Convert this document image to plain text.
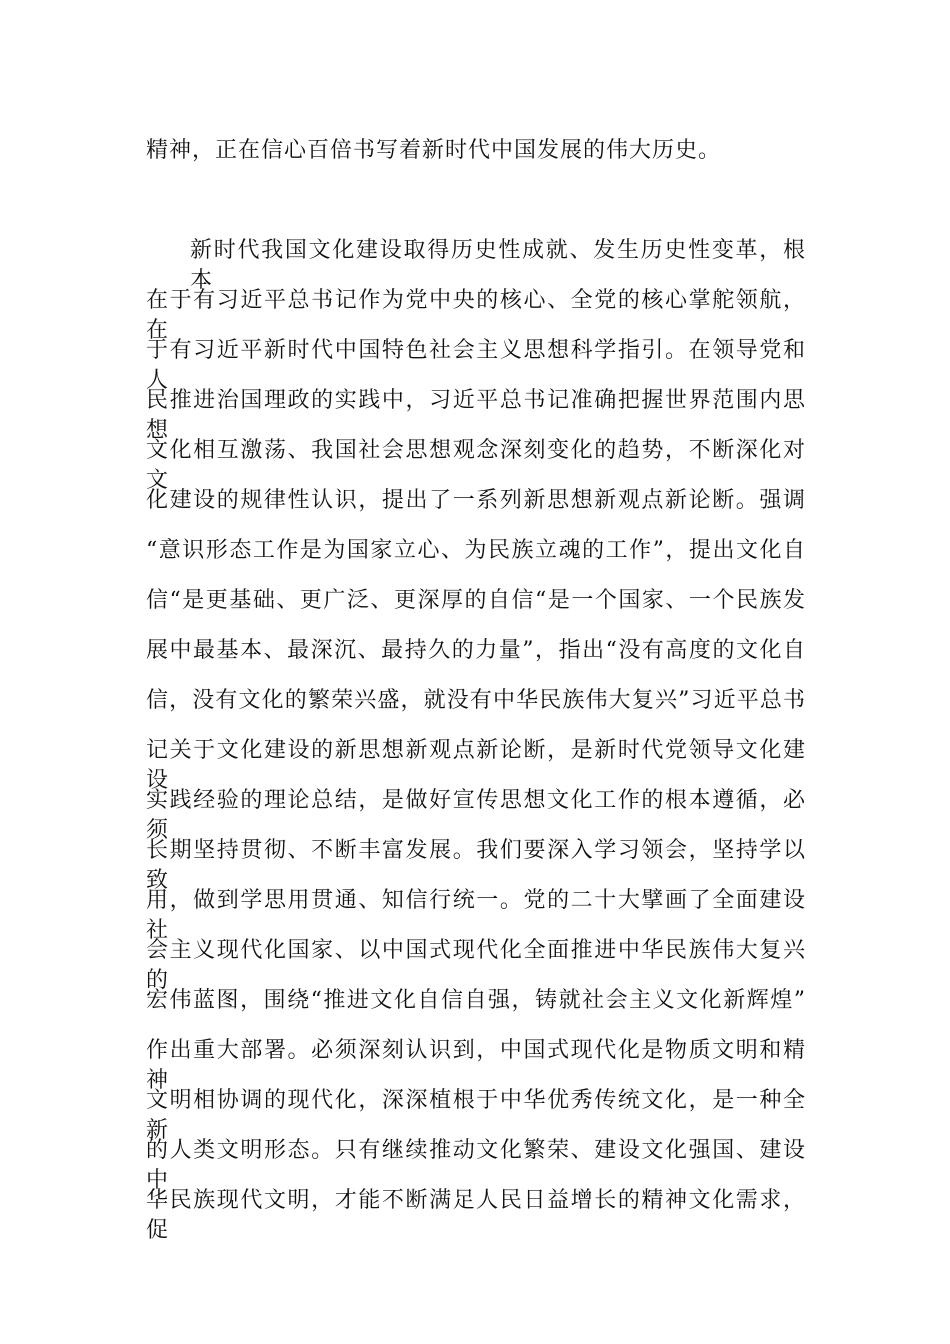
精神，正在信心百倍书写着新时代中国发展的伟大历史。
新时代我国文化建设取得历史性成就、发生历史性变革，根本
在于有习近平总书记作为党中央的核心、全党的核心掌舵领航，在
于有习近平新时代中国特色社会主义思想科学指引。在领导党和人
民推进治国理政的实践中，习近平总书记准确把握世界范围内思想
文化相互激荡、我国社会思想观念深刻变化的趋势，不断深化对文
化建设的规律性认识，提出了一系列新思想新观点新论断。强调
“意识形态工作是为国家立心、为民族立魂的工作”，提出文化自
信“是更基础、更广泛、更深厚的自信“是一个国家、一个民族发
展中最基本、最深沉、最持久的力量”，指出“没有高度的文化自
信，没有文化的繁荣兴盛，就没有中华民族伟大复兴”习近平总书
记关于文化建设的新思想新观点新论断，是新时代党领导文化建设
实践经验的理论总结，是做好宣传思想文化工作的根本遵循，必须
长期坚持贯彻、不断丰富发展。我们要深入学习领会，坚持学以致
用，做到学思用贯通、知信行统一。党的二十大擘画了全面建设社
会主义现代化国家、以中国式现代化全面推进中华民族伟大复兴的
宏伟蓝图，围绕“推进文化自信自强，铸就社会主义文化新辉煌”
作出重大部署。必须深刻认识到，中国式现代化是物质文明和精神
文明相协调的现代化，深深植根于中华优秀传统文化，是一种全新
的人类文明形态。只有继续推动文化繁荣、建设文化强国、建设中
华民族现代文明，才能不断满足人民日益增长的精神文化需求，促
